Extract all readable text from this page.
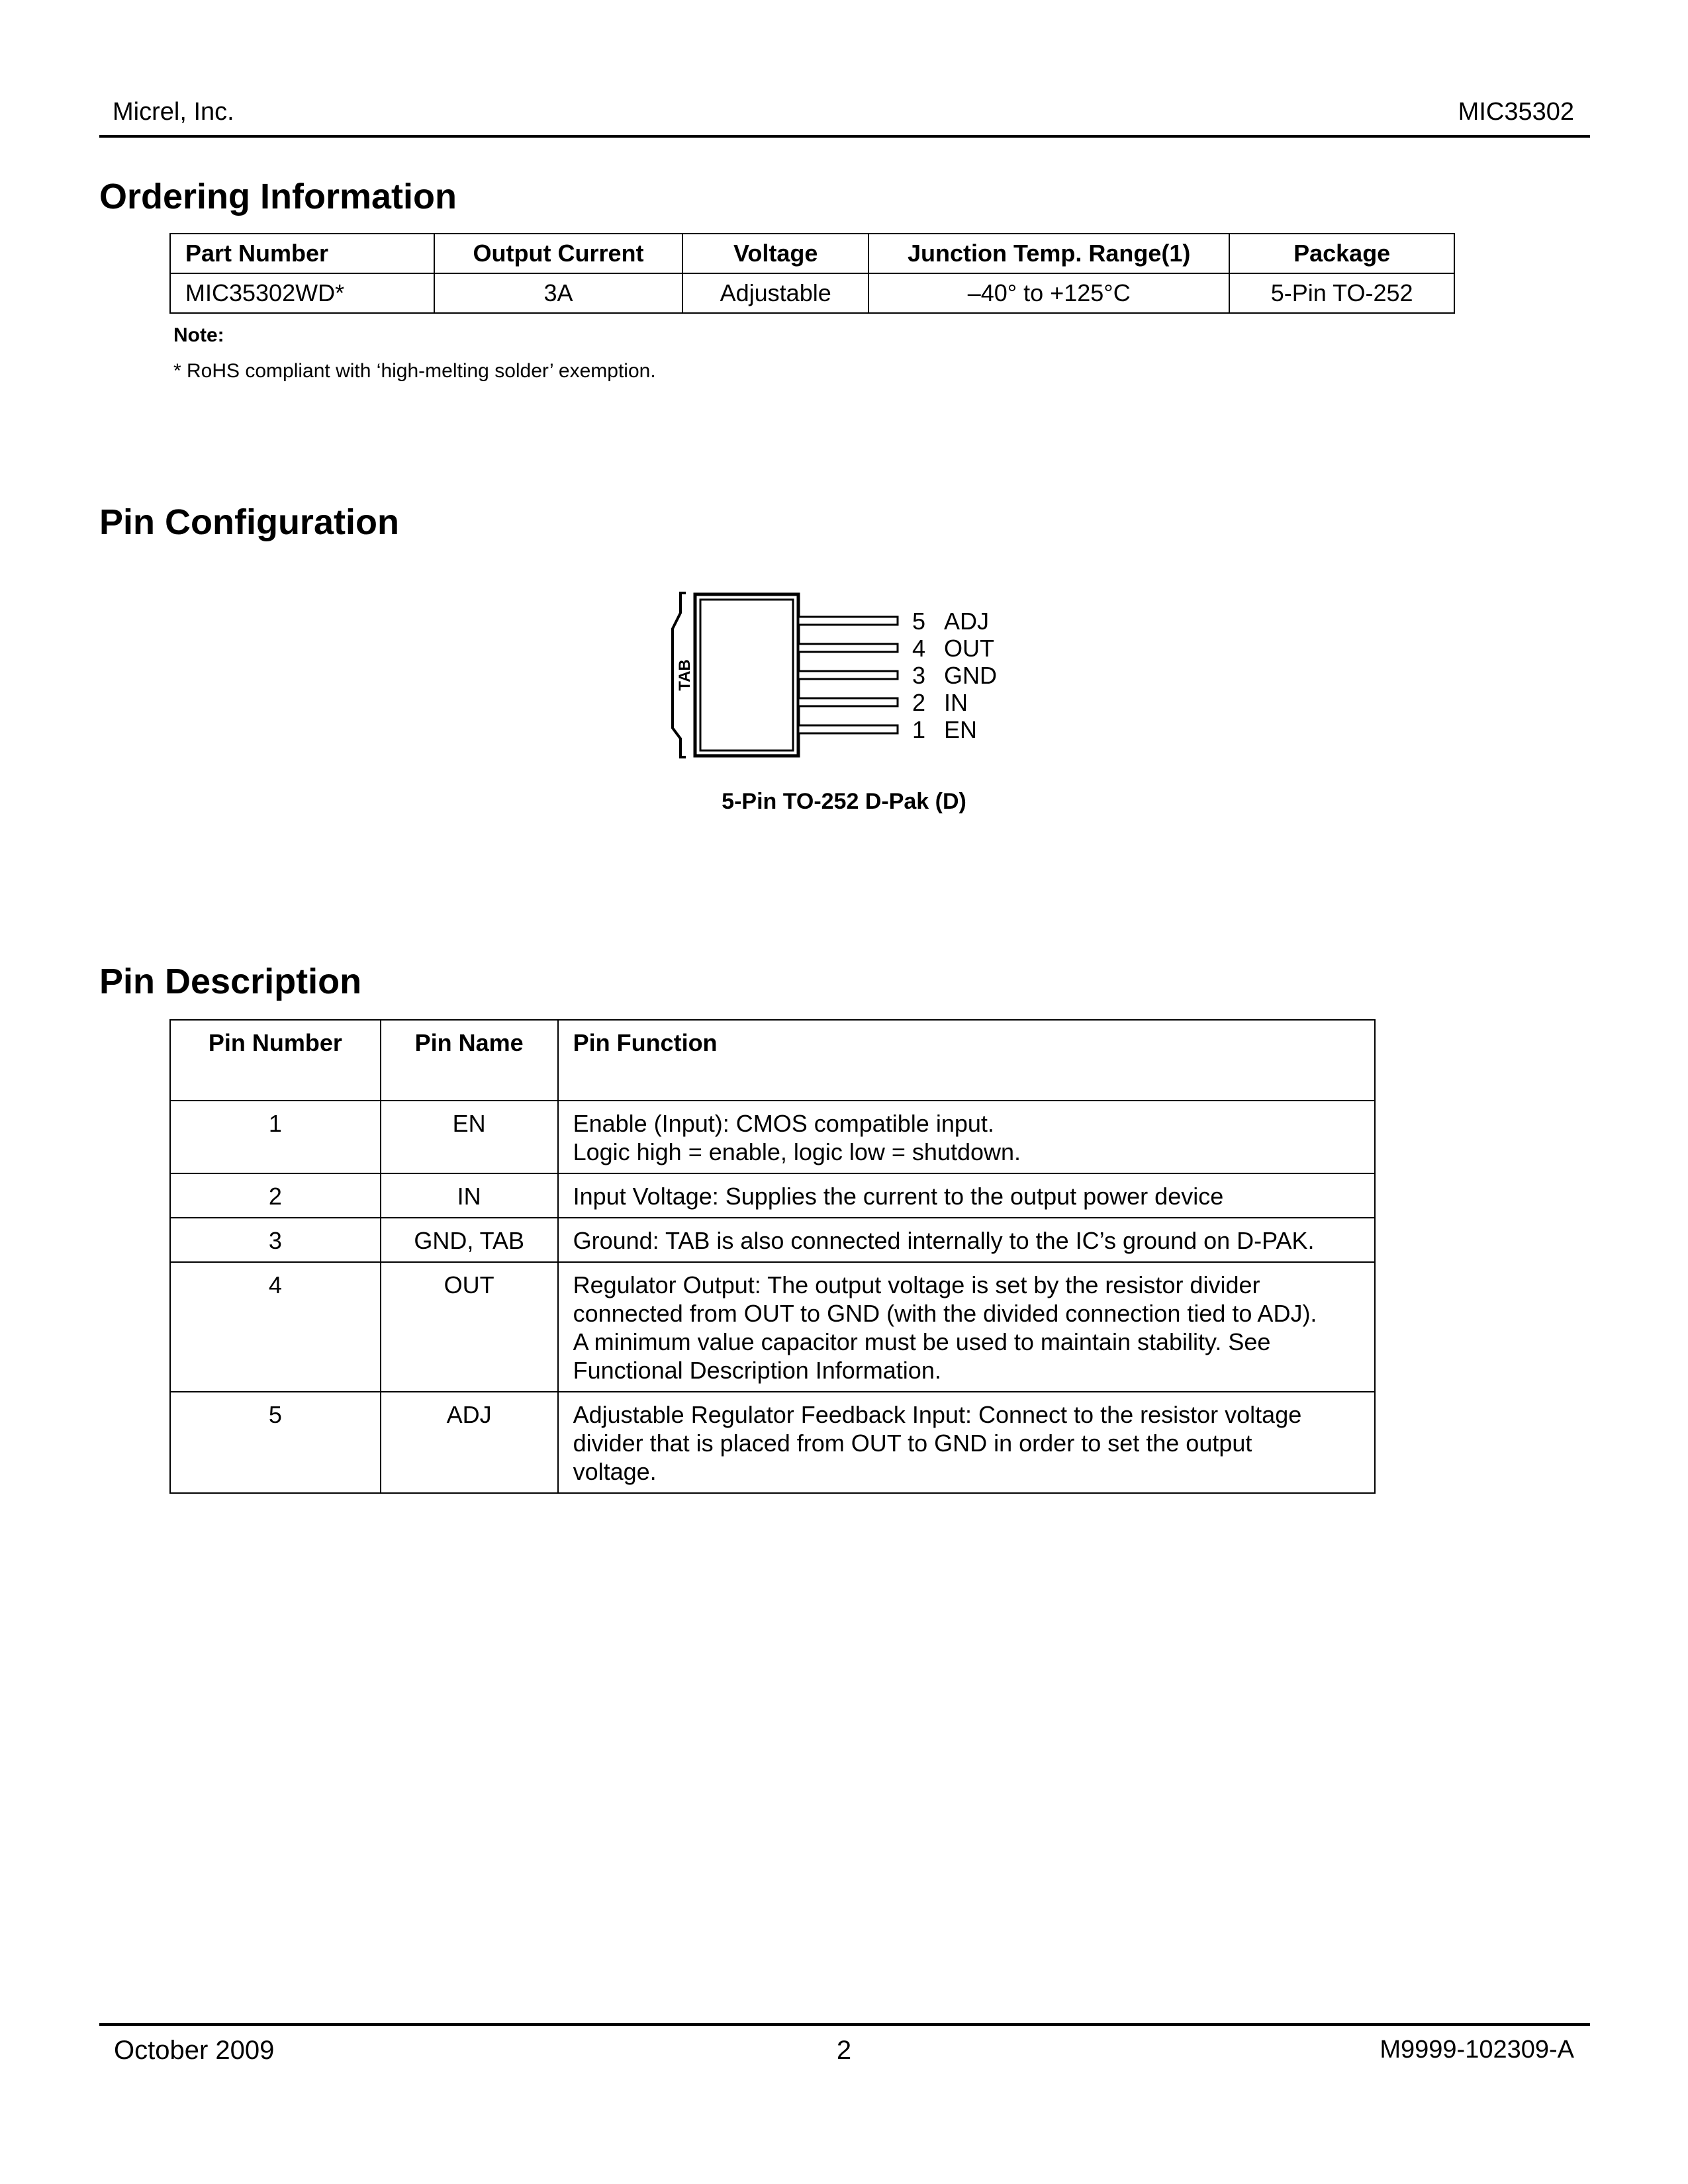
Micrel, Inc.	MIC35302
Ordering Information
Part Number	Output Current	Voltage	Junction Temp. Range(1)	Package
MIC35302WD*	3A	Adjustable	–40° to +125°C	5-Pin TO-252
Note:
* RoHS compliant with ‘high-melting solder’ exemption.
Pin Configuration
TAB
5 ADJ
4 OUT
3 GND
2 IN
1 EN
5-Pin TO-252 D-Pak (D)
Pin Description
Pin Number	Pin Name	Pin Function
1	EN	Enable (Input): CMOS compatible input.
Logic high = enable, logic low = shutdown.

2	IN	Input Voltage: Supplies the current to the output power device

3	GND, TAB	Ground: TAB is also connected internally to the IC’s ground on D-PAK.

4	OUT	Regulator Output: The output voltage is set by the resistor divider
connected from OUT to GND (with the divided connection tied to ADJ).
A minimum value capacitor must be used to maintain stability. See
Functional Description Information.

5	ADJ	Adjustable Regulator Feedback Input: Connect to the resistor voltage
divider that is placed from OUT to GND in order to set the output
voltage.
October 2009	2	M9999-102309-A
